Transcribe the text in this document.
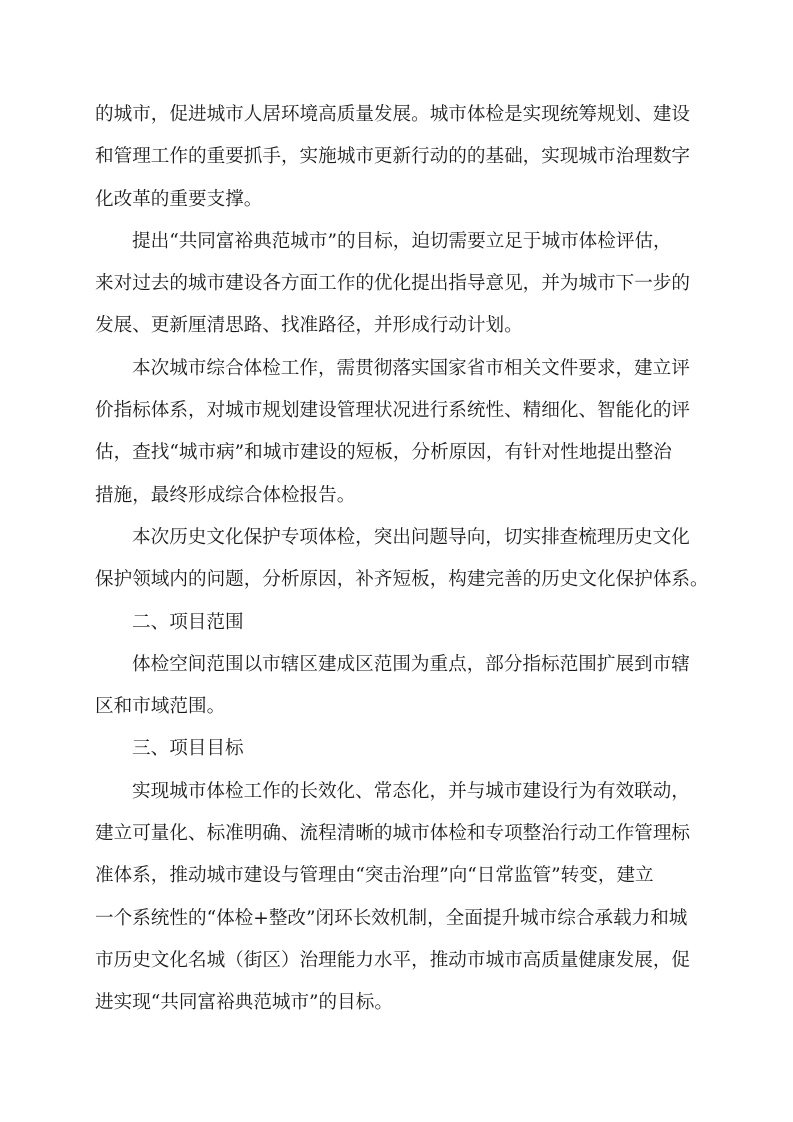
的城市，促进城市人居环境高质量发展。城市体检是实现统筹规划、建设
和管理工作的重要抓手，实施城市更新行动的的基础，实现城市治理数字
化改革的重要支撑。
提出“共同富裕典范城市”的目标，迫切需要立足于城市体检评估，
来对过去的城市建设各方面工作的优化提出指导意见，并为城市下一步的
发展、更新厘清思路、找准路径，并形成行动计划。
本次城市综合体检工作，需贯彻落实国家省市相关文件要求，建立评
价指标体系，对城市规划建设管理状况进行系统性、精细化、智能化的评
估，查找“城市病”和城市建设的短板，分析原因，有针对性地提出整治
措施，最终形成综合体检报告。
本次历史文化保护专项体检，突出问题导向，切实排查梳理历史文化
保护领域内的问题，分析原因，补齐短板，构建完善的历史文化保护体系。
二、项目范围
体检空间范围以市辖区建成区范围为重点，部分指标范围扩展到市辖
区和市域范围。
三、项目目标
实现城市体检工作的长效化、常态化，并与城市建设行为有效联动，
建立可量化、标准明确、流程清晰的城市体检和专项整治行动工作管理标
准体系，推动城市建设与管理由“突击治理”向“日常监管”转变，建立
一个系统性的“体检+整改”闭环长效机制，全面提升城市综合承载力和城
市历史文化名城（街区）治理能力水平，推动市城市高质量健康发展，促
进实现“共同富裕典范城市”的目标。
